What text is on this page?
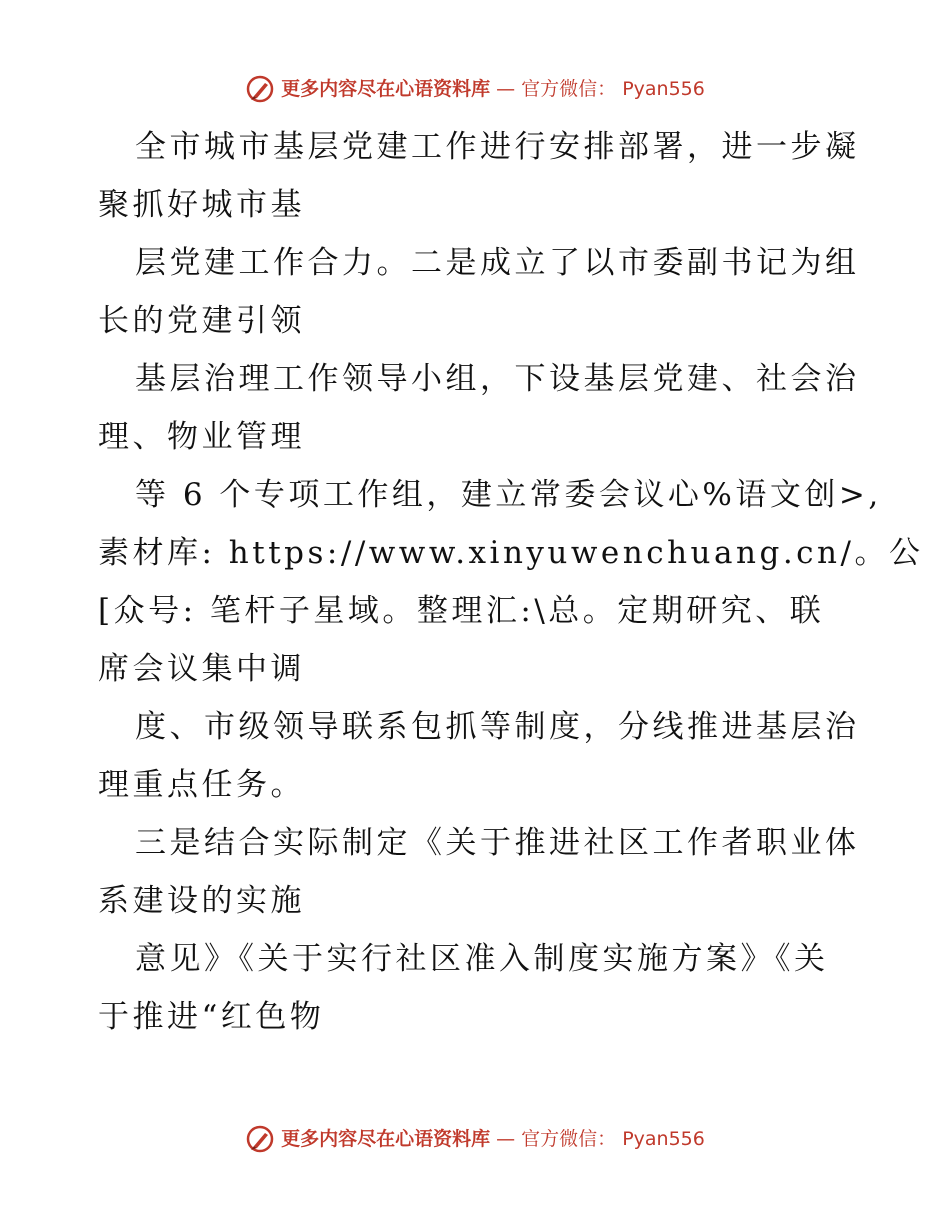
更多内容尽在心语资料库 — 官方微信： Pyan556
全市城市基层党建工作进行安排部署，进一步凝
聚抓好城市基
层党建工作合力。二是成立了以市委副书记为组
长的党建引领
基层治理工作领导小组，下设基层党建、社会治
理、物业管理
等 6 个专项工作组，建立常委会议心%语文创>,
素材库: https://www.xinyuwenchuang.cn/。公
[众号: 笔杆子星域。整理汇:\总。定期研究、联
席会议集中调
度、市级领导联系包抓等制度，分线推进基层治
理重点任务。
三是结合实际制定《关于推进社区工作者职业体
系建设的实施
意见》《关于实行社区准入制度实施方案》《关
于推进“红色物
更多内容尽在心语资料库 — 官方微信： Pyan556
